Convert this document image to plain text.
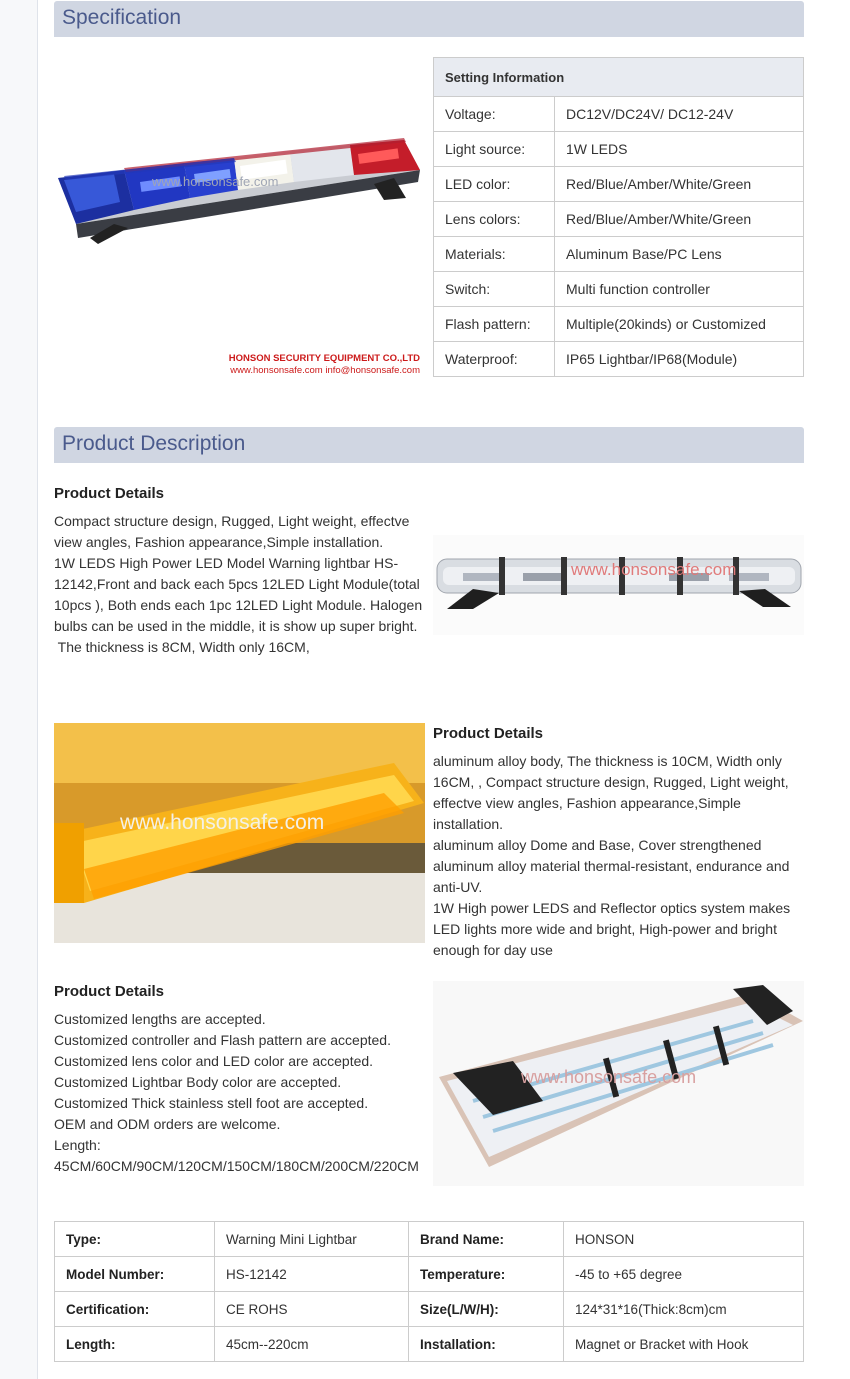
Specification
www.honsonsafe.com
HONSON SECURITY EQUIPMENT CO.,LTD
www.honsonsafe.com info@honsonsafe.com
Setting Information	
Voltage:	DC12V/DC24V/ DC12-24V
Light source:	1W LEDS
LED color:	Red/Blue/Amber/White/Green
Lens colors:	Red/Blue/Amber/White/Green
Materials:	Aluminum Base/PC Lens
Switch:	Multi function controller
Flash pattern:	Multiple(20kinds) or Customized
Waterproof:	IP65 Lightbar/IP68(Module)
Product Description
Product Details
Compact structure design, Rugged, Light weight, effectve
view angles, Fashion appearance,Simple installation.
1W LEDS High Power LED Model Warning lightbar HS-
12142,Front and back each 5pcs 12LED Light Module(total
10pcs ), Both ends each 1pc 12LED Light Module. Halogen
bulbs can be used in the middle, it is show up super bright.
The thickness is 8CM, Width only 16CM,
www.honsonsafe.com
www.honsonsafe.com
Product Details
aluminum alloy body, The thickness is 10CM, Width only
16CM, , Compact structure design, Rugged, Light weight,
effectve view angles, Fashion appearance,Simple
installation.
aluminum alloy Dome and Base, Cover strengthened
aluminum alloy material thermal-resistant, endurance and
anti-UV.
1W High power LEDS and Reflector optics system makes
LED lights more wide and bright, High-power and bright
enough for day use
Product Details
Customized lengths are accepted.
Customized controller and Flash pattern are accepted.
Customized lens color and LED color are accepted.
Customized Lightbar Body color are accepted.
Customized Thick stainless stell foot are accepted.
OEM and ODM orders are welcome.
Length:
45CM/60CM/90CM/120CM/150CM/180CM/200CM/220CM
www.honsonsafe.com
Type:	Warning Mini Lightbar	Brand Name:	HONSON
Model Number:	HS-12142	Temperature:	-45 to +65 degree
Certification:	CE ROHS	Size(L/W/H):	124*31*16(Thick:8cm)cm
Length:	45cm--220cm	Installation:	Magnet or Bracket with Hook
